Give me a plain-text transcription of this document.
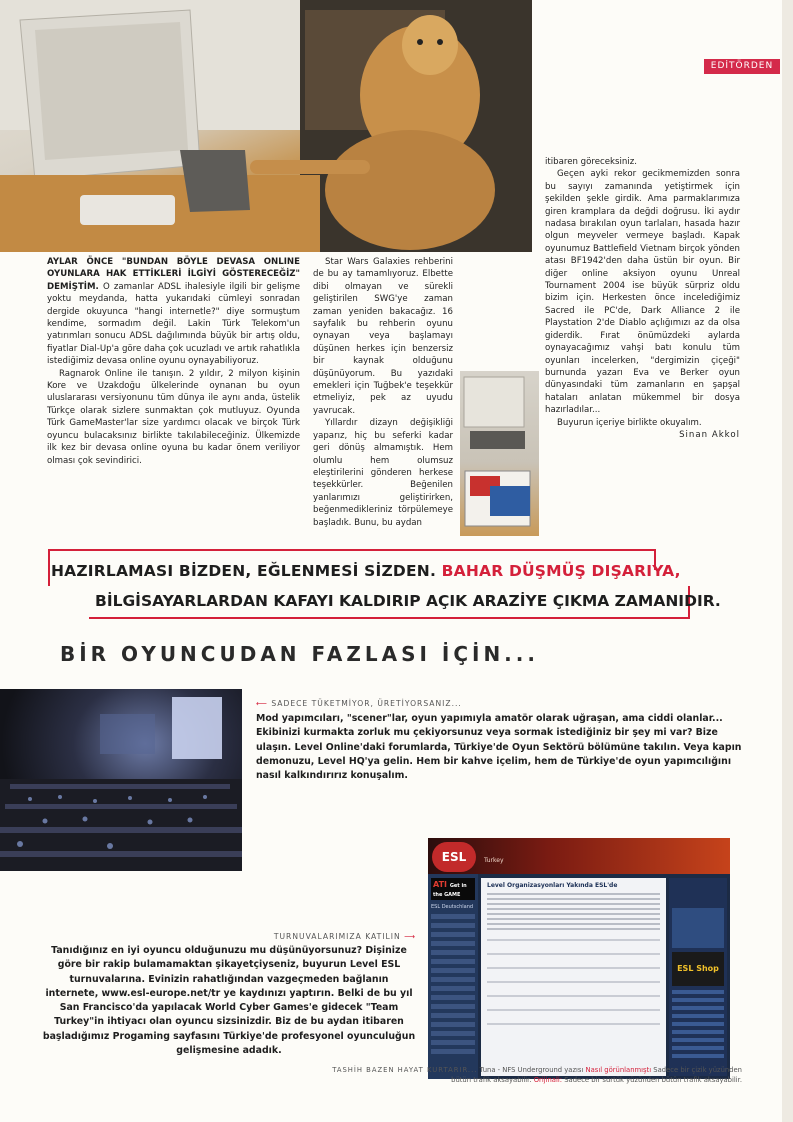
EDİTÖRDEN

AYLAR ÖNCE "BUNDAN BÖYLE DEVASA ONLINE OYUNLARA HAK ETTİKLERİ İLGİYİ GÖSTERECEĞİZ" DEMİŞTİM. O zamanlar ADSL ihalesiyle ilgili bir gelişme yoktu meydanda, hatta yukarıdaki cümleyi sonradan dergide okuyunca "hangi internetle?" diye sormuştum kendime, sormadım değil. Lakin Türk Telekom'un yatırımları sonucu ADSL dağılımında büyük bir artış oldu, fiyatlar Dial-Up'a göre daha çok ucuzladı ve artık rahatlıkla istediğimiz devasa online oyunu oynayabiliyoruz.

Ragnarok Online ile tanışın. 2 yıldır, 2 milyon kişinin Kore ve Uzakdoğu ülkelerinde oynanan bu oyun uluslararası versiyonunu tüm dünya ile aynı anda, üstelik Türkçe olarak sizlere sunmaktan çok mutluyuz. Oyunda Türk GameMaster'lar size yardımcı olacak ve birçok Türk oyuncu bulacaksınız birlikte takılabileceğiniz. Ülkemizde ilk kez bir devasa online oyuna bu kadar önem veriliyor olması çok sevindirici.

Star Wars Galaxies rehberini de bu ay tamamlıyoruz. Elbette dibi olmayan ve sürekli geliştirilen SWG'ye zaman zaman yeniden bakacağız. 16 sayfalık bu rehberin oyunu oynayan veya başlamayı düşünen herkes için benzersiz bir kaynak olduğunu düşünüyorum. Bu yazıdaki emekleri için Tuğbek'e teşekkür etmeliyiz, pek az uyudu yavrucak.

Yıllardır dizayn değişikliği yaparız, hiç bu seferki kadar geri dönüş almamıştık. Hem olumlu hem olumsuz eleştirilerini gönderen herkese teşekkürler. Beğenilen yanlarımızı geliştirirken, beğenmedikleriniz törpülemeye başladık. Bunu, bu aydan

itibaren göreceksiniz.

Geçen ayki rekor gecikmemizden sonra bu sayıyı zamanında yetiştirmek için şekilden şekle girdik. Ama parmaklarımıza giren kramplara da değdi doğrusu. İki aydır nadasa bırakılan oyun tarlaları, hasada hazır olgun meyveler vermeye başladı. Kapak oyunumuz Battlefield Vietnam birçok yönden atası BF1942'den daha üstün bir oyun. Bir diğer online aksiyon oyunu Unreal Tournament 2004 ise büyük sürpriz oldu bizim için. Herkesten önce incelediğimiz Sacred ile PC'de, Dark Alliance 2 ile Playstation 2'de Diablo açlığımızı az da olsa giderdik. Fırat önümüzdeki aylarda oynayacağımız vahşi batı konulu tüm oyunları incelerken, "dergimizin çiçeği" burnunda yazarı Eva ve Berker oyun dünyasındaki tüm zamanların en şapşal hataları anlatan mükemmel bir dosya hazırladılar...

Buyurun içeriye birlikte okuyalım.

Sinan Akkol

HAZIRLAMASI BİZDEN, EĞLENMESİ SİZDEN. BAHAR DÜŞMÜŞ DIŞARIYA,
BİLGİSAYARLARDAN KAFAYI KALDIRIP AÇIK ARAZİYE ÇIKMA ZAMANIDIR.
BİR OYUNCUDAN FAZLASI İÇİN...
⟵ SADECE TÜKETMİYOR, ÜRETİYORSANIZ...

Mod yapımcıları, "scener"lar, oyun yapımıyla amatör olarak uğraşan, ama ciddi olanlar... Ekibinizi kurmakta zorluk mu çekiyorsunuz veya sormak istediğiniz bir şey mi var? Bize ulaşın. Level Online'daki forumlarda, Türkiye'de Oyun Sektörü bölümüne takılın. Veya kapın demonuzu, Level HQ'ya gelin. Hem bir kahve içelim, hem de Türkiye'de oyun yapımcılığını nasıl kalkındırırız konuşalım.

TURNUVALARIMIZA KATILIN ⟶

Tanıdığınız en iyi oyuncu olduğunuzu mu düşünüyorsunuz? Dişinize göre bir rakip bulamamaktan şikayetçiyseniz, buyurun Level ESL turnuvalarına. Evinizin rahatlığından vazgeçmeden bağlanın internete, www.esl-europe.net/tr ye kaydınızı yaptırın. Belki de bu yıl San Francisco'da yapılacak World Cyber Games'e gidecek "Team Turkey"in ihtiyacı olan oyuncu sizsinizdir. Biz de bu aydan itibaren başladığımız Progaming sayfasını Türkiye'de profesyonel oyunculuğun gelişmesine adadık.

ESL	Turkey
ATI Get in the GAME
ESL Deutschland
Level Organizasyonları Yakında ESL'de
ESL Shop
TASHİH BAZEN HAYAT KURTARIR... Tuna - NFS Underground yazısı Nasıl görünlanmıştı Sadece bir çizik yüzünden
bütün trafik aksayabilir. Orijinali: Sadece bir sürtük yüzünden bütün trafik aksayabilir.
